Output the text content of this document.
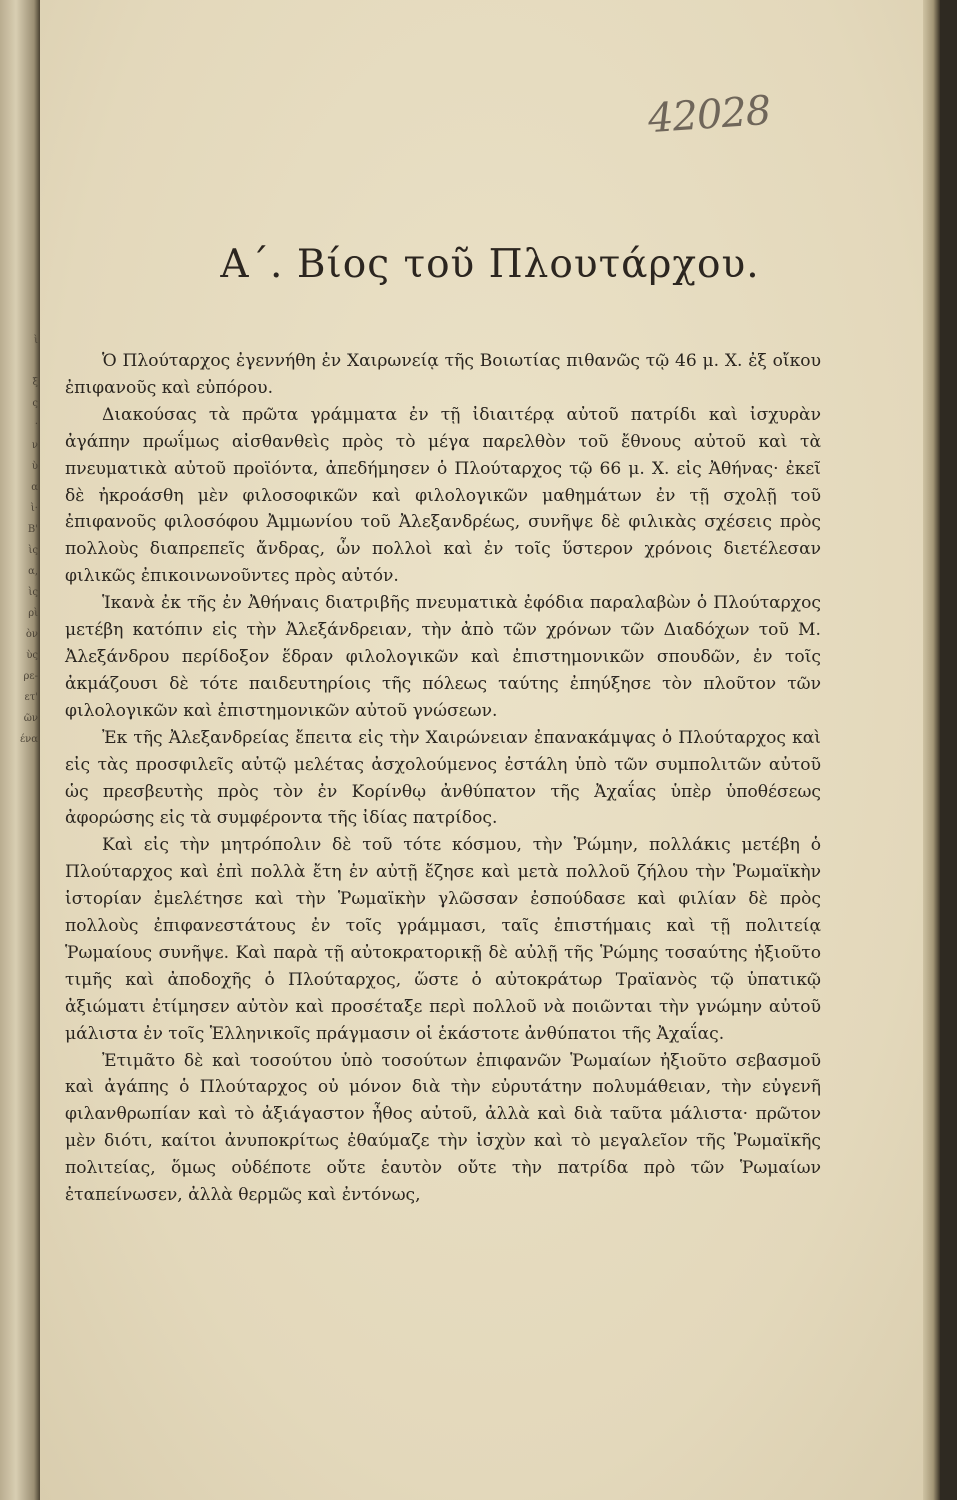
ὶ

ξ
ς
·
ν
ὺ
α
ὶ·
Β'
ὶς
α,
ὶς
ρὶ
ὸν
ὺς
ρε-
ετ'
ῶν
ένα
42028
Α΄. Βίος τοῦ Πλουτάρχου.

Ὁ Πλούταρχος ἐγεννήθη ἐν Χαιρωνείᾳ τῆς Βοιωτίας πιθανῶς τῷ 46 μ. Χ. ἐξ οἴκου ἐπιφανοῦς καὶ εὐπόρου.

Διακούσας τὰ πρῶτα γράμματα ἐν τῇ ἰδιαιτέρᾳ αὐτοῦ πατρίδι καὶ ἰσχυρὰν ἀγάπην πρωΐμως αἰσθανθεὶς πρὸς τὸ μέγα παρελθὸν τοῦ ἔθνους αὐτοῦ καὶ τὰ πνευματικὰ αὐτοῦ προϊόντα, ἀπεδήμησεν ὁ Πλούταρχος τῷ 66 μ. Χ. εἰς Ἀθήνας· ἐκεῖ δὲ ἠκροάσθη μὲν φιλοσοφικῶν καὶ φιλολογικῶν μαθημάτων ἐν τῇ σχολῇ τοῦ ἐπιφανοῦς φιλοσόφου Ἀμμωνίου τοῦ Ἀλεξανδρέως, συνῆψε δὲ φιλικὰς σχέσεις πρὸς πολλοὺς διαπρεπεῖς ἄνδρας, ὧν πολλοὶ καὶ ἐν τοῖς ὕστερον χρόνοις διετέλεσαν φιλικῶς ἐπικοινωνοῦντες πρὸς αὐτόν.

Ἱκανὰ ἐκ τῆς ἐν Ἀθήναις διατριβῆς πνευματικὰ ἐφόδια παραλαβὼν ὁ Πλούταρχος μετέβη κατόπιν εἰς τὴν Ἀλεξάνδρειαν, τὴν ἀπὸ τῶν χρόνων τῶν Διαδόχων τοῦ Μ. Ἀλεξάνδρου περίδοξον ἕδραν φιλολογικῶν καὶ ἐπιστημονικῶν σπουδῶν, ἐν τοῖς ἀκμάζουσι δὲ τότε παιδευτηρίοις τῆς πόλεως ταύτης ἐπηύξησε τὸν πλοῦτον τῶν φιλολογικῶν καὶ ἐπιστημονικῶν αὐτοῦ γνώσεων.

Ἐκ τῆς Ἀλεξανδρείας ἔπειτα εἰς τὴν Χαιρώνειαν ἐπανακάμψας ὁ Πλούταρχος καὶ εἰς τὰς προσφιλεῖς αὐτῷ μελέτας ἀσχολούμενος ἐστάλη ὑπὸ τῶν συμπολιτῶν αὐτοῦ ὡς πρεσβευτὴς πρὸς τὸν ἐν Κορίνθῳ ἀνθύπατον τῆς Ἀχαΐας ὑπὲρ ὑποθέσεως ἀφορώσης εἰς τὰ συμφέροντα τῆς ἰδίας πατρίδος.

Καὶ εἰς τὴν μητρόπολιν δὲ τοῦ τότε κόσμου, τὴν Ῥώμην, πολλάκις μετέβη ὁ Πλούταρχος καὶ ἐπὶ πολλὰ ἔτη ἐν αὐτῇ ἔζησε καὶ μετὰ πολλοῦ ζήλου τὴν Ῥωμαϊκὴν ἱστορίαν ἐμελέτησε καὶ τὴν Ῥωμαϊκὴν γλῶσσαν ἐσπούδασε καὶ φιλίαν δὲ πρὸς πολλοὺς ἐπιφανεστάτους ἐν τοῖς γράμμασι, ταῖς ἐπιστήμαις καὶ τῇ πολιτείᾳ Ῥωμαίους συνῆψε. Καὶ παρὰ τῇ αὐτοκρατορικῇ δὲ αὐλῇ τῆς Ῥώμης τοσαύτης ἠξιοῦτο τιμῆς καὶ ἀποδοχῆς ὁ Πλούταρχος, ὥστε ὁ αὐτοκράτωρ Τραϊανὸς τῷ ὑπατικῷ ἀξιώματι ἐτίμησεν αὐτὸν καὶ προσέταξε περὶ πολλοῦ νὰ ποιῶνται τὴν γνώμην αὐτοῦ μάλιστα ἐν τοῖς Ἑλληνικοῖς πράγμασιν οἱ ἑκάστοτε ἀνθύπατοι τῆς Ἀχαΐας.

Ἐτιμᾶτο δὲ καὶ τοσούτου ὑπὸ τοσούτων ἐπιφανῶν Ῥωμαίων ἠξιοῦτο σεβασμοῦ καὶ ἀγάπης ὁ Πλούταρχος οὐ μόνον διὰ τὴν εὐρυτάτην πολυμάθειαν, τὴν εὐγενῆ φιλανθρωπίαν καὶ τὸ ἀξιάγαστον ἦθος αὐτοῦ, ἀλλὰ καὶ διὰ ταῦτα μάλιστα· πρῶτον μὲν διότι, καίτοι ἀνυποκρίτως ἐθαύμαζε τὴν ἰσχὺν καὶ τὸ μεγαλεῖον τῆς Ῥωμαϊκῆς πολιτείας, ὅμως οὐδέποτε οὔτε ἑαυτὸν οὔτε τὴν πατρίδα πρὸ τῶν Ῥωμαίων ἐταπείνωσεν, ἀλλὰ θερμῶς καὶ ἐντόνως,
